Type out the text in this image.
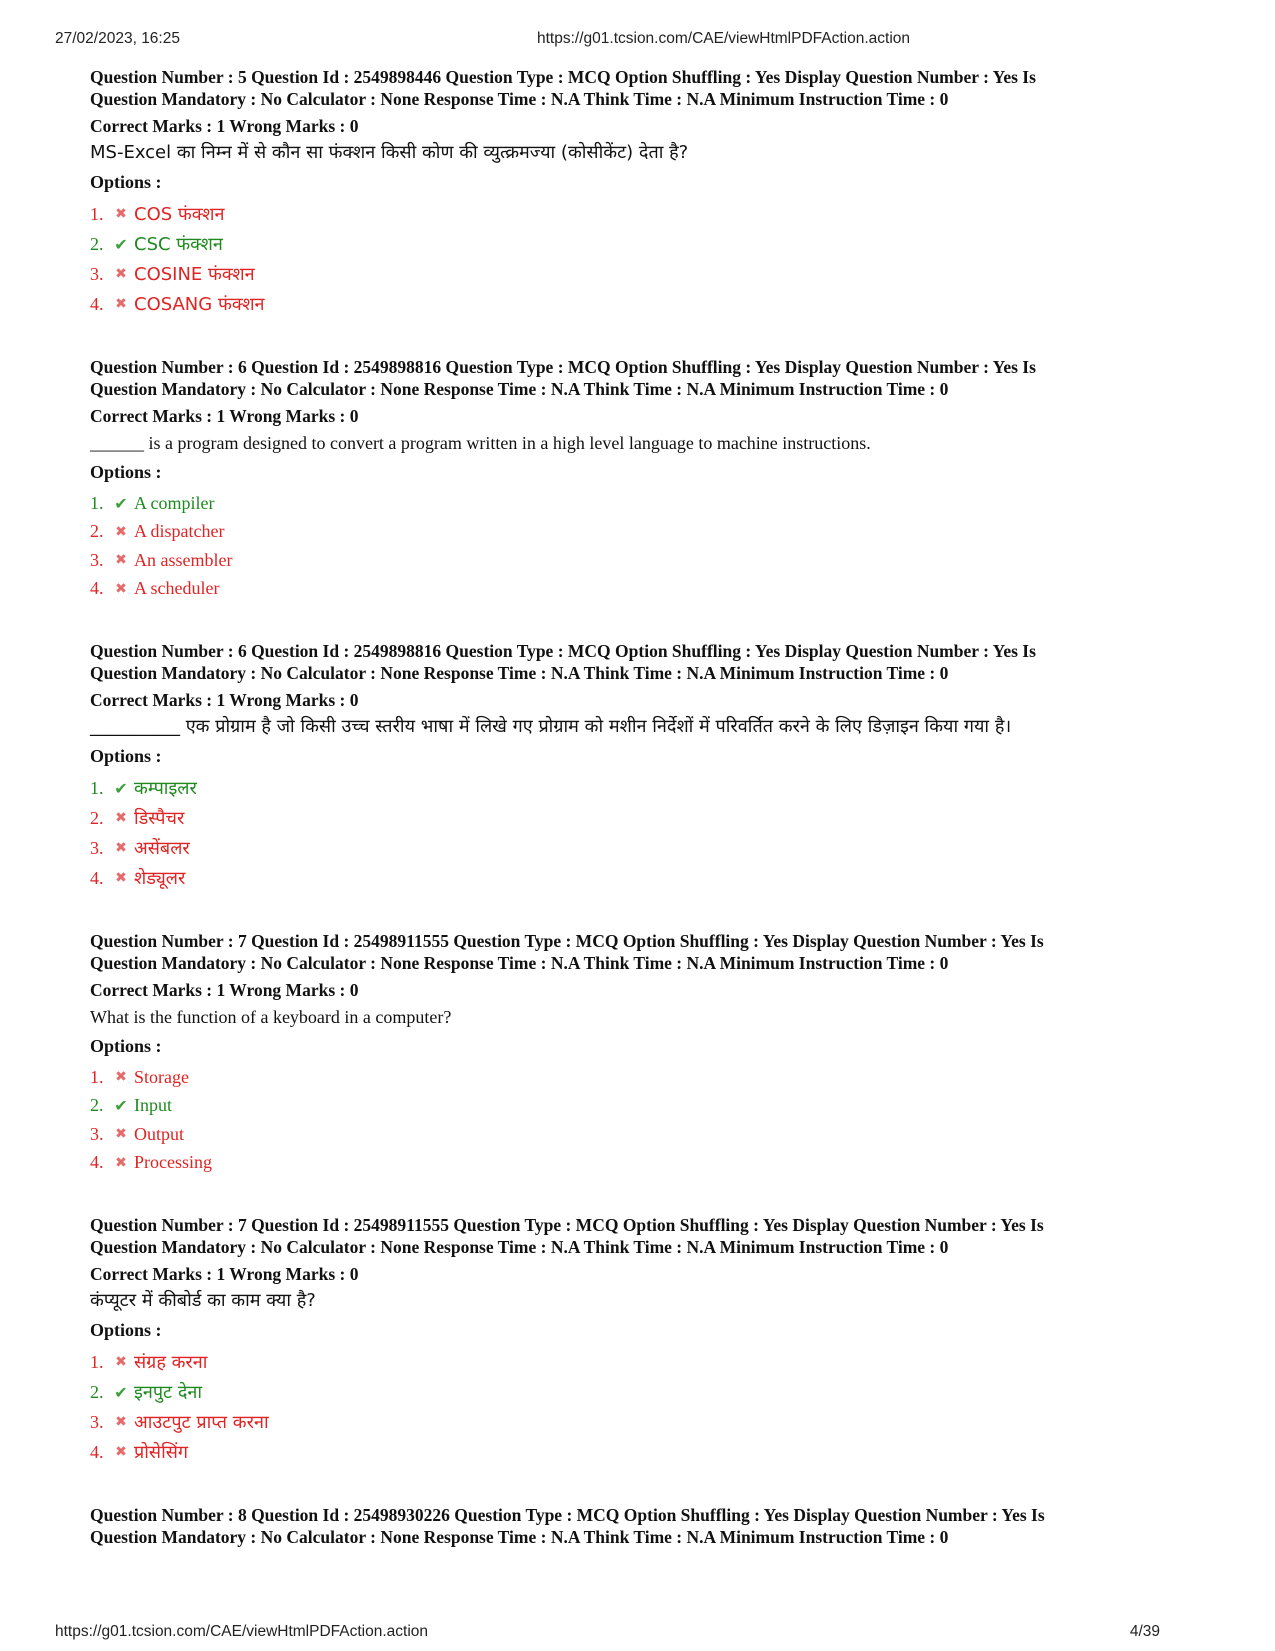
27/02/2023, 16:25	https://g01.tcsion.com/CAE/viewHtmlPDFAction.action

Question Number : 5 Question Id : 2549898446 Question Type : MCQ Option Shuffling : Yes Display Question Number : Yes Is
Question Mandatory : No Calculator : None Response Time : N.A Think Time : N.A Minimum Instruction Time : 0

Correct Marks : 1 Wrong Marks : 0

MS-Excel का निम्न में से कौन सा फंक्शन किसी कोण की व्युत्क्रमज्या (कोसीकेंट) देता है?

Options :

1. ✖ COS फंक्शन
2. ✔ CSC फंक्शन
3. ✖ COSINE फंक्शन
4. ✖ COSANG फंक्शन

Question Number : 6 Question Id : 2549898816 Question Type : MCQ Option Shuffling : Yes Display Question Number : Yes Is
Question Mandatory : No Calculator : None Response Time : N.A Think Time : N.A Minimum Instruction Time : 0

Correct Marks : 1 Wrong Marks : 0

______ is a program designed to convert a program written in a high level language to machine instructions.

Options :

1. ✔ A compiler
2. ✖ A dispatcher
3. ✖ An assembler
4. ✖ A scheduler

Question Number : 6 Question Id : 2549898816 Question Type : MCQ Option Shuffling : Yes Display Question Number : Yes Is
Question Mandatory : No Calculator : None Response Time : N.A Think Time : N.A Minimum Instruction Time : 0

Correct Marks : 1 Wrong Marks : 0

__________ एक प्रोग्राम है जो किसी उच्च स्तरीय भाषा में लिखे गए प्रोग्राम को मशीन निर्देशों में परिवर्तित करने के लिए डिज़ाइन किया गया है।

Options :

1. ✔ कम्पाइलर
2. ✖ डिस्पैचर
3. ✖ असेंबलर
4. ✖ शेड्यूलर

Question Number : 7 Question Id : 25498911555 Question Type : MCQ Option Shuffling : Yes Display Question Number : Yes Is
Question Mandatory : No Calculator : None Response Time : N.A Think Time : N.A Minimum Instruction Time : 0

Correct Marks : 1 Wrong Marks : 0

What is the function of a keyboard in a computer?

Options :

1. ✖ Storage
2. ✔ Input
3. ✖ Output
4. ✖ Processing

Question Number : 7 Question Id : 25498911555 Question Type : MCQ Option Shuffling : Yes Display Question Number : Yes Is
Question Mandatory : No Calculator : None Response Time : N.A Think Time : N.A Minimum Instruction Time : 0

Correct Marks : 1 Wrong Marks : 0

कंप्यूटर में कीबोर्ड का काम क्या है?

Options :

1. ✖ संग्रह करना
2. ✔ इनपुट देना
3. ✖ आउटपुट प्राप्त करना
4. ✖ प्रोसेसिंग

Question Number : 8 Question Id : 25498930226 Question Type : MCQ Option Shuffling : Yes Display Question Number : Yes Is
Question Mandatory : No Calculator : None Response Time : N.A Think Time : N.A Minimum Instruction Time : 0

https://g01.tcsion.com/CAE/viewHtmlPDFAction.action	4/39
